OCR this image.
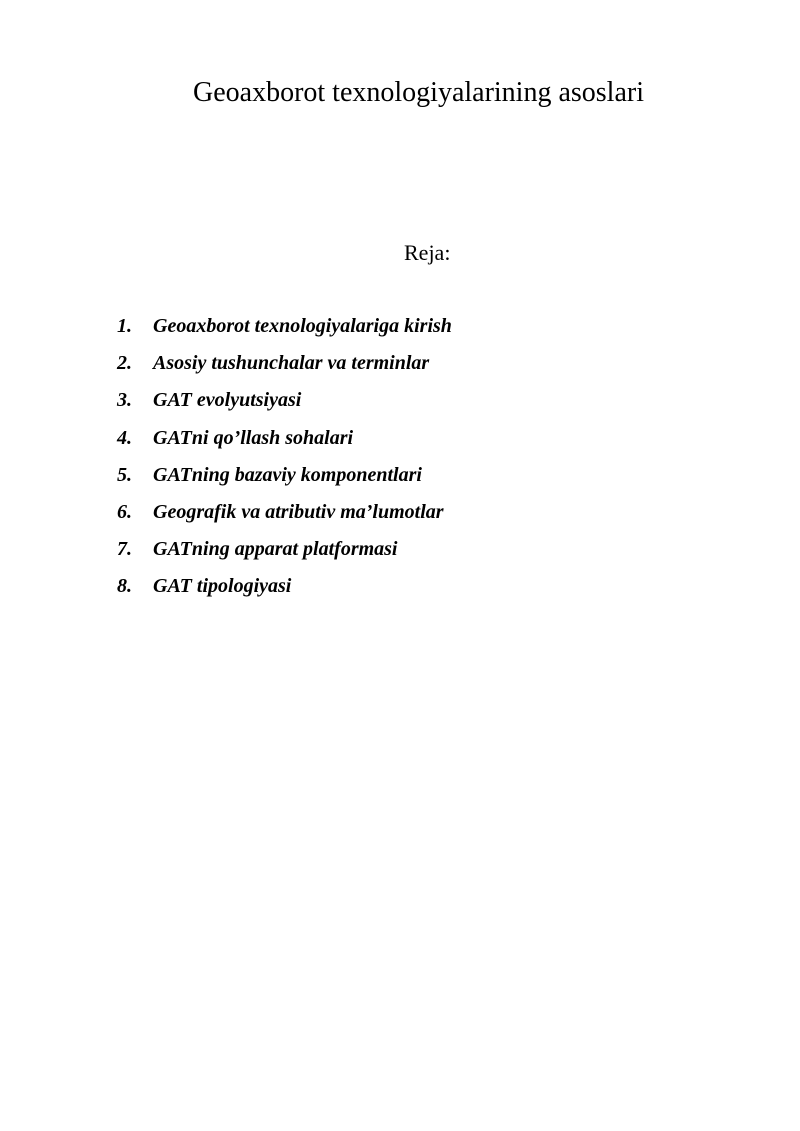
Geoaxborot texnologiyalarining asoslari
Reja:
1.	Geoaxborot texnologiyalariga kirish
2.	Asosiy tushunchalar va terminlar
3.	GAT evolyutsiyasi
4.	GATni qo’llash sohalari
5.	GATning bazaviy komponentlari
6.	Geografik va atributiv ma’lumotlar
7.	GATning apparat platformasi
8.	GAT tipologiyasi
